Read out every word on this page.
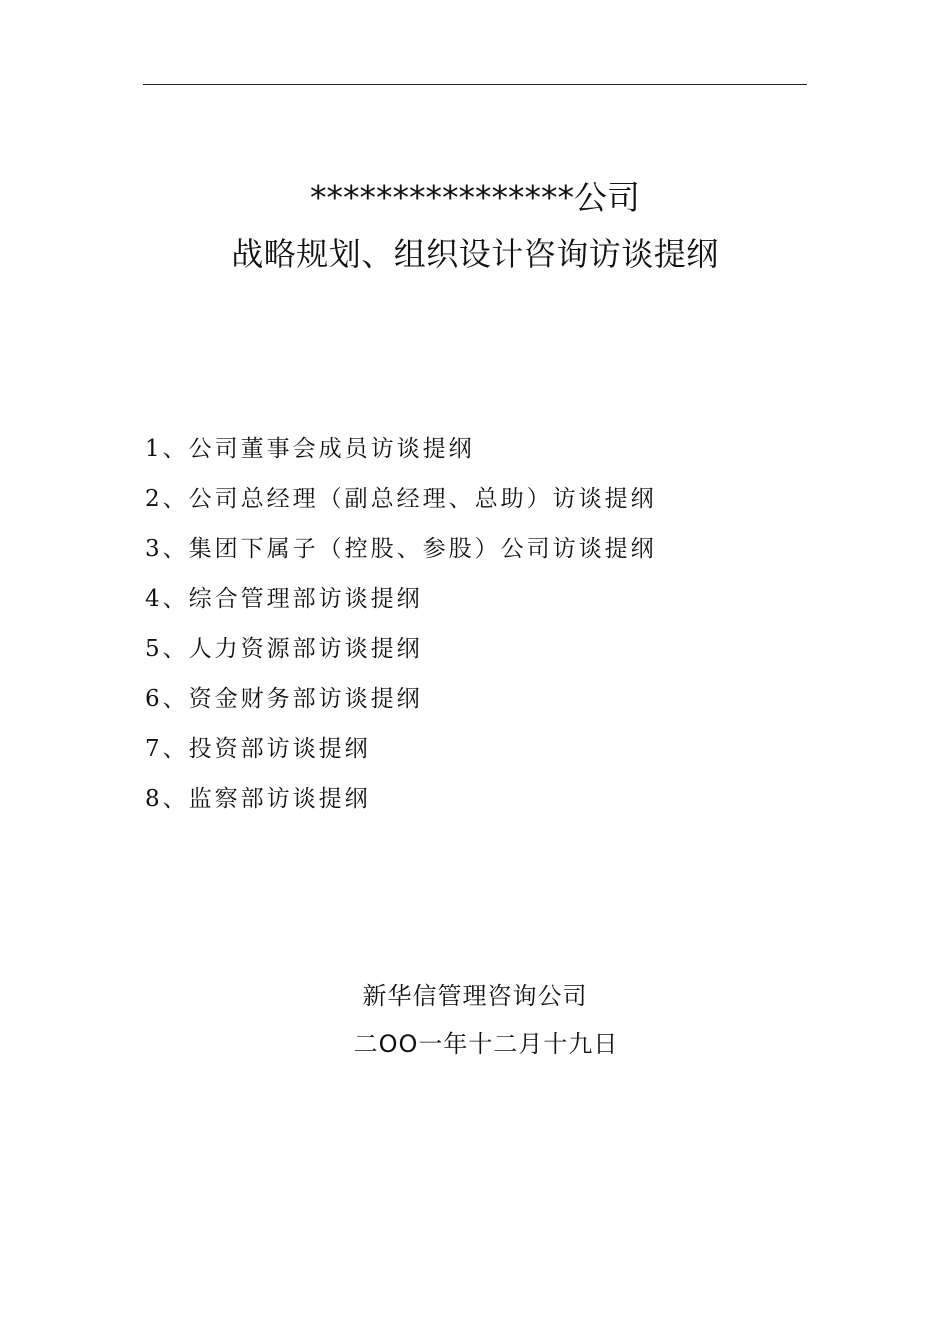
****************公司
战略规划、组织设计咨询访谈提纲
1、公司董事会成员访谈提纲
2、公司总经理（副总经理、总助）访谈提纲
3、集团下属子（控股、参股）公司访谈提纲
4、综合管理部访谈提纲
5、人力资源部访谈提纲
6、资金财务部访谈提纲
7、投资部访谈提纲
8、监察部访谈提纲
新华信管理咨询公司
二OO一年十二月十九日
